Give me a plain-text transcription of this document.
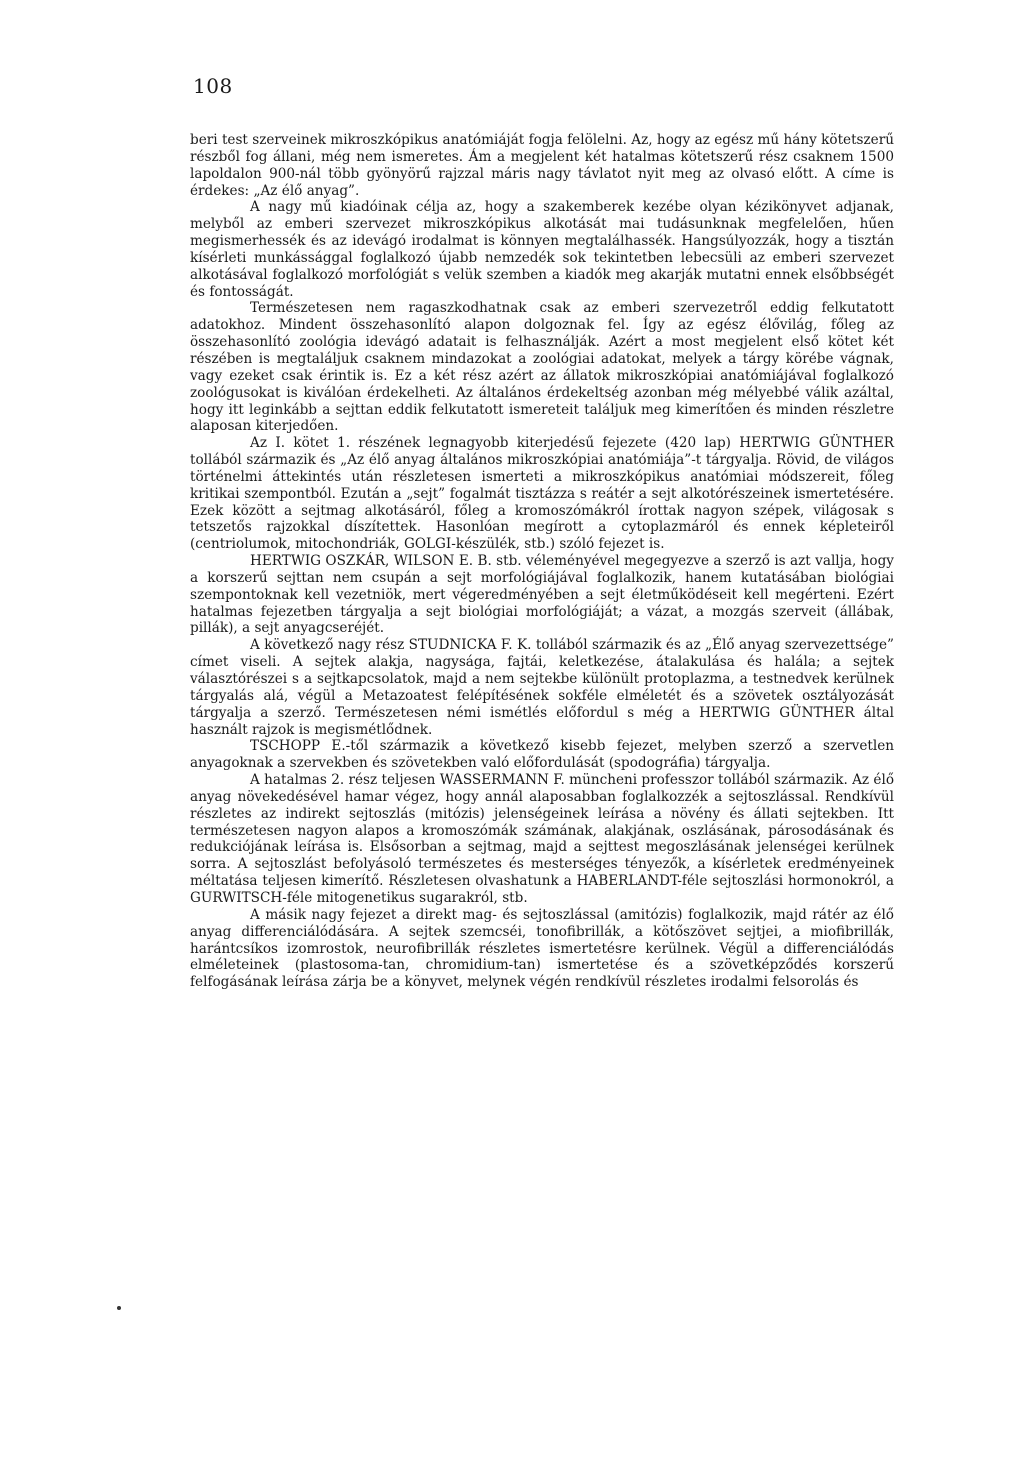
108

beri test szerveinek mikroszkópikus anatómiáját fogja felölelni. Az, hogy az egész mű hány kötetszerű részből fog állani, még nem ismeretes. Ám a megjelent két hatalmas kötetszerű rész csaknem 1500 lapoldalon 900-nál több gyönyörű rajzzal máris nagy távlatot nyit meg az olvasó előtt. A címe is érdekes: „Az élő anyag”.

A nagy mű kiadóinak célja az, hogy a szakemberek kezébe olyan kézikönyvet adjanak, melyből az emberi szervezet mikroszkópikus alkotását mai tudásunknak megfelelően, hűen megismerhessék és az idevágó irodalmat is könnyen megtalálhassék. Hangsúlyozzák, hogy a tisztán kísérleti munkássággal foglalkozó újabb nemzedék sok tekintetben lebecsüli az emberi szervezet alkotásával foglalkozó morfológiát s velük szemben a kiadók meg akarják mutatni ennek elsőbbségét és fontosságát.

Természetesen nem ragaszkodhatnak csak az emberi szervezetről eddig felkutatott adatokhoz. Mindent összehasonlító alapon dolgoznak fel. Így az egész élővilág, főleg az összehasonlító zoológia idevágó adatait is felhasználják. Azért a most megjelent első kötet két részében is megtaláljuk csaknem mindazokat a zoológiai adatokat, melyek a tárgy körébe vágnak, vagy ezeket csak érintik is. Ez a két rész azért az állatok mikroszkópiai anatómiájával foglalkozó zoológusokat is kiválóan érdekelheti. Az általános érdekeltség azonban még mélyebbé válik azáltal, hogy itt leginkább a sejttan eddik felkutatott ismereteit találjuk meg kimerítően és minden részletre alaposan kiterjedően.

Az I. kötet 1. részének legnagyobb kiterjedésű fejezete (420 lap) HERTWIG GÜNTHER tollából származik és „Az élő anyag általános mikroszkópiai anatómiája”-t tárgyalja. Rövid, de világos történelmi áttekintés után részletesen ismerteti a mikroszkópikus anatómiai módszereit, főleg kritikai szempontból. Ezután a „sejt” fogalmát tisztázza s reátér a sejt alkotórészeinek ismertetésére. Ezek között a sejtmag alkotásáról, főleg a kromoszómákról írottak nagyon szépek, világosak s tetszetős rajzokkal díszítettek. Hasonlóan megírott a cytoplazmáról és ennek képleteiről (centriolumok, mitochondriák, GOLGI-készülék, stb.) szóló fejezet is.

HERTWIG OSZKÁR, WILSON E. B. stb. véleményével megegyezve a szerző is azt vallja, hogy a korszerű sejttan nem csupán a sejt morfológiájával foglalkozik, hanem kutatásában biológiai szempontoknak kell vezetniök, mert végeredményében a sejt életműködéseit kell megérteni. Ezért hatalmas fejezetben tárgyalja a sejt biológiai morfológiáját; a vázat, a mozgás szerveit (állábak, pillák), a sejt anyagcseréjét.

A következő nagy rész STUDNICKA F. K. tollából származik és az „Élő anyag szervezettsége” címet viseli. A sejtek alakja, nagysága, fajtái, keletkezése, átalakulása és halála; a sejtek választórészei s a sejtkapcsolatok, majd a nem sejtekbe különült protoplazma, a testnedvek kerülnek tárgyalás alá, végül a Metazoatest felépítésének sokféle elméletét és a szövetek osztályozását tárgyalja a szerző. Természetesen némi ismétlés előfordul s még a HERTWIG GÜNTHER által használt rajzok is megismétlődnek.

TSCHOPP E.-től származik a következő kisebb fejezet, melyben szerző a szervetlen anyagoknak a szervekben és szövetekben való előfordulását (spodográfia) tárgyalja.

A hatalmas 2. rész teljesen WASSERMANN F. müncheni professzor tollából származik. Az élő anyag növekedésével hamar végez, hogy annál alaposabban foglalkozzék a sejtoszlással. Rendkívül részletes az indirekt sejtoszlás (mitózis) jelenségeinek leírása a növény és állati sejtekben. Itt természetesen nagyon alapos a kromoszómák számának, alakjának, oszlásának, párosodásának és redukciójának leírása is. Elsősorban a sejtmag, majd a sejttest megoszlásának jelenségei kerülnek sorra. A sejtoszlást befolyásoló természetes és mesterséges tényezők, a kísérletek eredményeinek méltatása teljesen kimerítő. Részletesen olvashatunk a HABERLANDT-féle sejtoszlási hormonokról, a GURWITSCH-féle mitogenetikus sugarakról, stb.

A másik nagy fejezet a direkt mag- és sejtoszlással (amitózis) foglalkozik, majd rátér az élő anyag differenciálódására. A sejtek szemcséi, tonofibrillák, a kötőszövet sejtjei, a miofibrillák, harántcsíkos izomrostok, neurofibrillák részletes ismertetésre kerülnek. Végül a differenciálódás elméleteinek (plastosoma-tan, chromidium-tan) ismertetése és a szövetképződés korszerű felfogásának leírása zárja be a könyvet, melynek végén rendkívül részletes irodalmi felsorolás és
